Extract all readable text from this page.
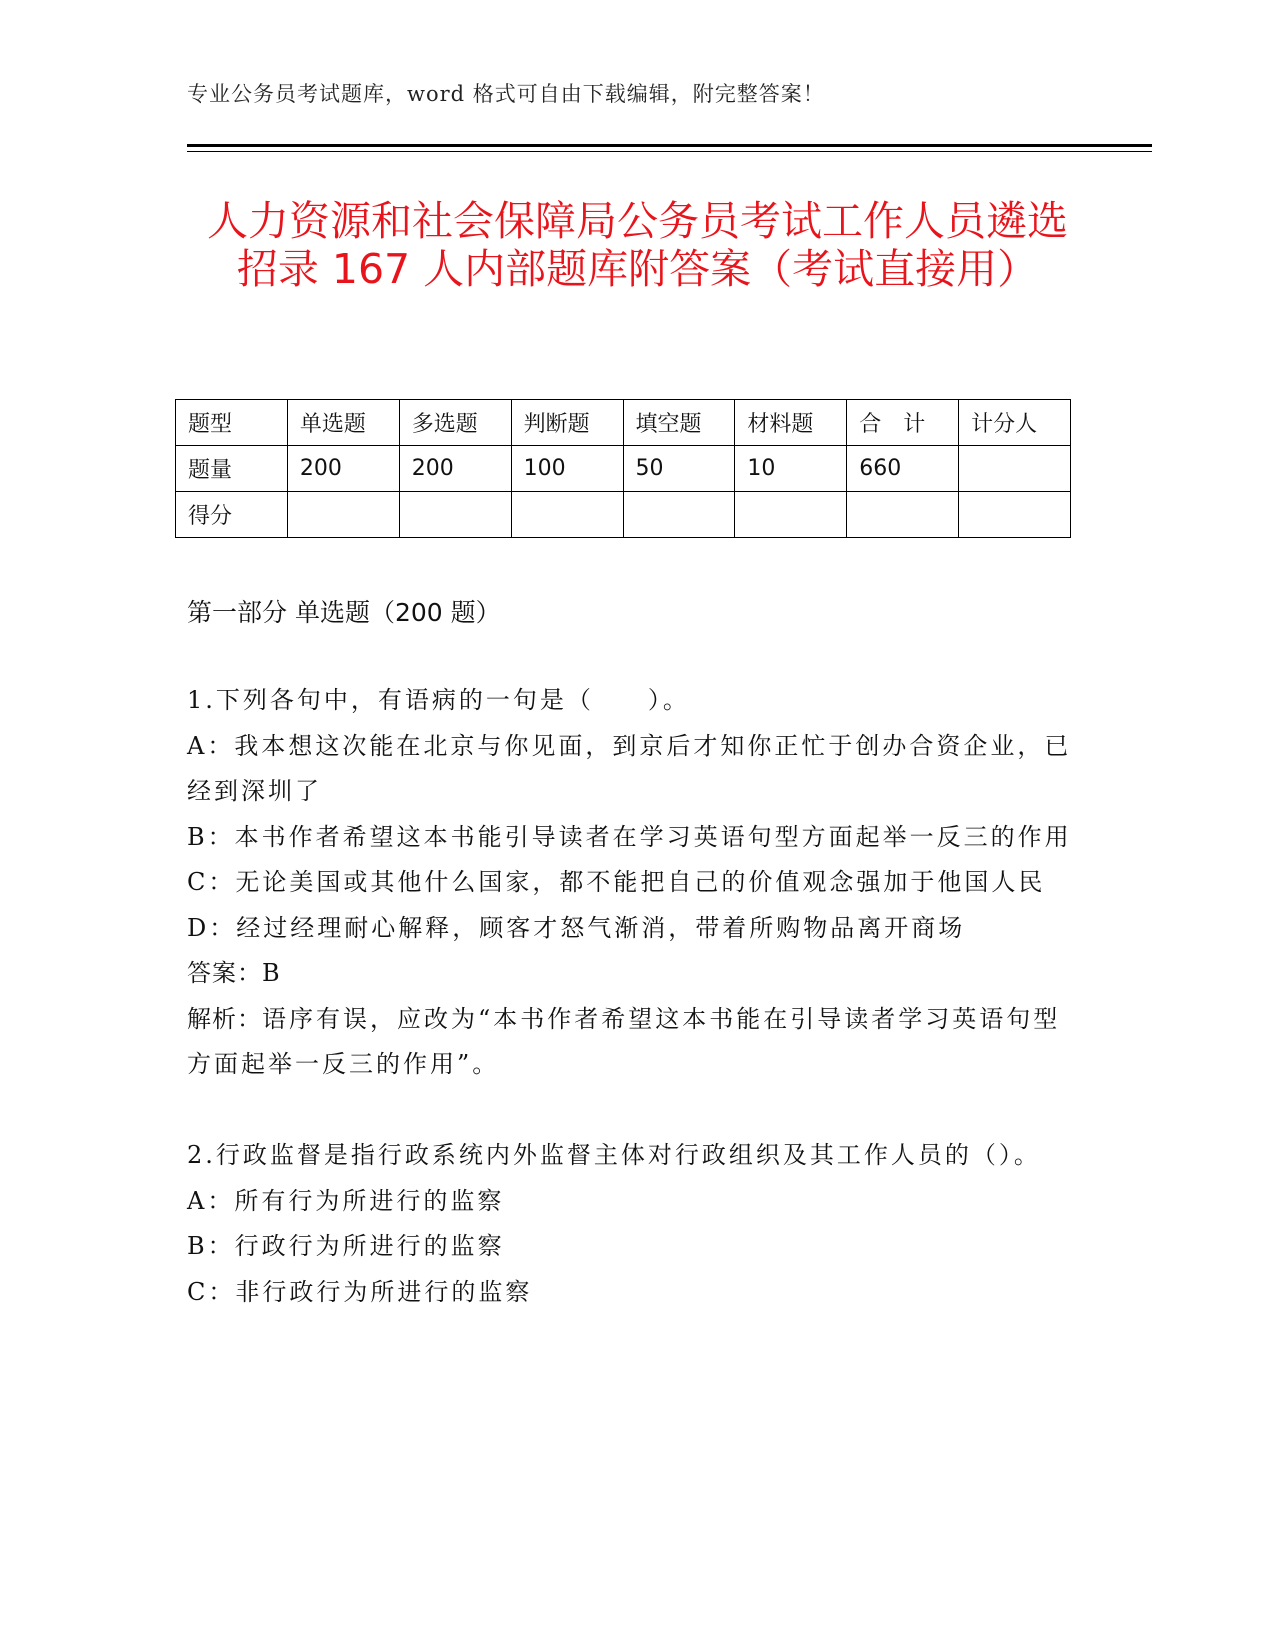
专业公务员考试题库，word 格式可自由下载编辑，附完整答案！
人力资源和社会保障局公务员考试工作人员遴选招录 167 人内部题库附答案（考试直接用）
题型	单选题	多选题	判断题	填空题	材料题	合　计	计分人
题量	200	200	100	50	10	660	
得分							
第一部分 单选题（200 题）

1.下列各句中，有语病的一句是（　　）。

A：我本想这次能在北京与你见面，到京后才知你正忙于创办合资企业，已经到深圳了

B：本书作者希望这本书能引导读者在学习英语句型方面起举一反三的作用

C：无论美国或其他什么国家，都不能把自己的价值观念强加于他国人民

D：经过经理耐心解释，顾客才怒气渐消，带着所购物品离开商场

答案：B

解析：语序有误，应改为“本书作者希望这本书能在引导读者学习英语句型方面起举一反三的作用”。

2.行政监督是指行政系统内外监督主体对行政组织及其工作人员的（）。

A：所有行为所进行的监察

B：行政行为所进行的监察

C：非行政行为所进行的监察
